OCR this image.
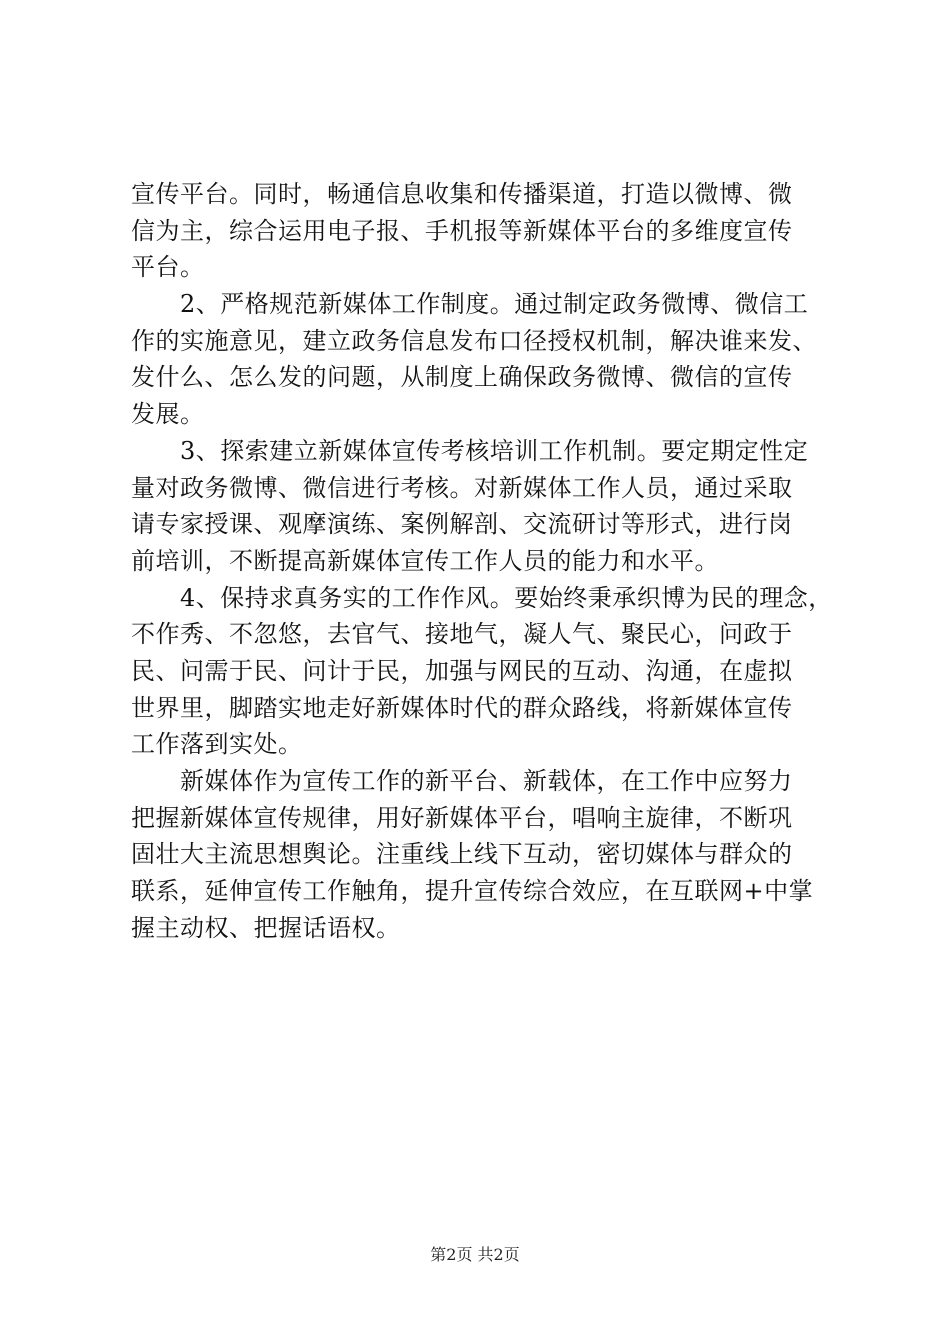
宣传平台。同时，畅通信息收集和传播渠道，打造以微博、微
信为主，综合运用电子报、手机报等新媒体平台的多维度宣传
平台。
　　2、严格规范新媒体工作制度。通过制定政务微博、微信工
作的实施意见，建立政务信息发布口径授权机制，解决谁来发、
发什么、怎么发的问题，从制度上确保政务微博、微信的宣传
发展。
　　3、探索建立新媒体宣传考核培训工作机制。要定期定性定
量对政务微博、微信进行考核。对新媒体工作人员，通过采取
请专家授课、观摩演练、案例解剖、交流研讨等形式，进行岗
前培训，不断提高新媒体宣传工作人员的能力和水平。
　　4、保持求真务实的工作作风。要始终秉承织博为民的理念，
不作秀、不忽悠，去官气、接地气，凝人气、聚民心，问政于
民、问需于民、问计于民，加强与网民的互动、沟通，在虚拟
世界里，脚踏实地走好新媒体时代的群众路线，将新媒体宣传
工作落到实处。
　　新媒体作为宣传工作的新平台、新载体，在工作中应努力
把握新媒体宣传规律，用好新媒体平台，唱响主旋律，不断巩
固壮大主流思想舆论。注重线上线下互动，密切媒体与群众的
联系，延伸宣传工作触角，提升宣传综合效应，在互联网+中掌
握主动权、把握话语权。
第2页 共2页
